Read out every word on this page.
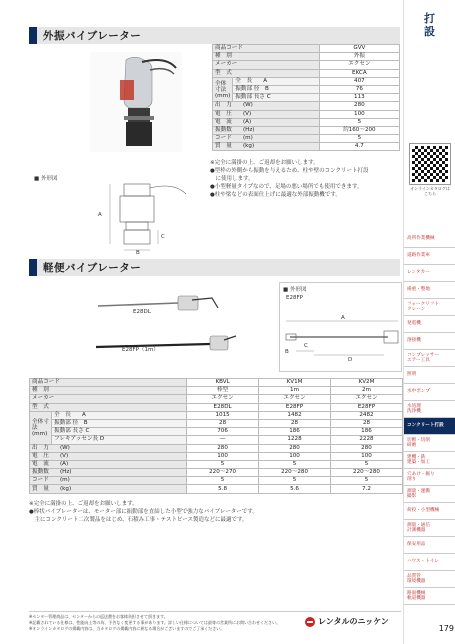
外振バイブレーター
商品コード		GVV
種　別		外振
メーカー		エクセン
型　式		EKCA
全体寸法
(mm)	全　長　　A	407
	振動部 径　B	76
	振動部 長さ C	113
出　力　　(W)		280
電　圧　　(V)		100
電　流　　(A)		5
振動数　　(Hz)		約160～200
コード　　(m)		5
質　量　　(kg)		4.7
※完全に満掛の上、ご返却をお願いします。
●型枠の外側から振動を与えるため、柱や壁のコンクリート打設
　に使用します。
●小型軽量タイプなので、足場の悪い場所でも使用できます。
●柱や梁などの表面仕上げに最適な外部振動機です。
■ 外形図
A
B
C
軽便バイブレーター
E28DL
E28FP（1m）
■ 外形図
E28FP
A
B
C
D
商品コード		KBVL	KV1M	KV2M
種　別		棒型	1m	2m
メーカー		エクセン	エクセン	エクセン
型　式		E28DL	E28FP	E28FP
全体寸法
(mm)	全　長　　A	1015	1482	2482
	振動部 径　B	28	28	28
	振動部 長さ C	706	186	186
	フレキアッセン長 D	―	1228	2228
出　力　　(W)		280	280	280
電　圧　　(V)		100	100	100
電　流　　(A)		5	5	5
振動数　　(Hz)		220～270	220～280	220～280
コード　　(m)		5	5	5
質　量　　(kg)		5.8	5.6	7.2
※完全に満掛の上、ご返却をお願いします。
●棒状バイブレーターは、モーター部に振動部を直結した小型で強力なバイブレーターです。
　主にコンクリート二次製品をはじめ、石積み工事・テストピース製造などに最適です。
※センター管理商品は、センターからの返送費をお客様負担させて頂きます。
※記載されている仕様は、性能向上等の為、予告なく変更する事があります。詳しい仕様については最寄の営業所にお問い合わせください。
※オンラインカタログの掲載内容は、当カタログの掲載内容に異なる場合がございますのでご了承ください。
レンタルのニッケン
打設
オンラインカタログは
こちら
高所作業機械
道路作業車
レンタカー
揚重・整地
フォークリフト
クレーン
発電機
溶接機
コンプレッサー
エアー工具
照明
水中ポンプ
水処理
洗浄機
コンクリート打設
切断・切削
研磨
建機・鉄
建築・加工
穴あけ・掘り
削り
測量・運搬
撮影
荷役・小型機械
測量・通信
計測機器
保安用品
ハウス・トイレ
品質管
環境機器
路面機械
軌道機器
179
